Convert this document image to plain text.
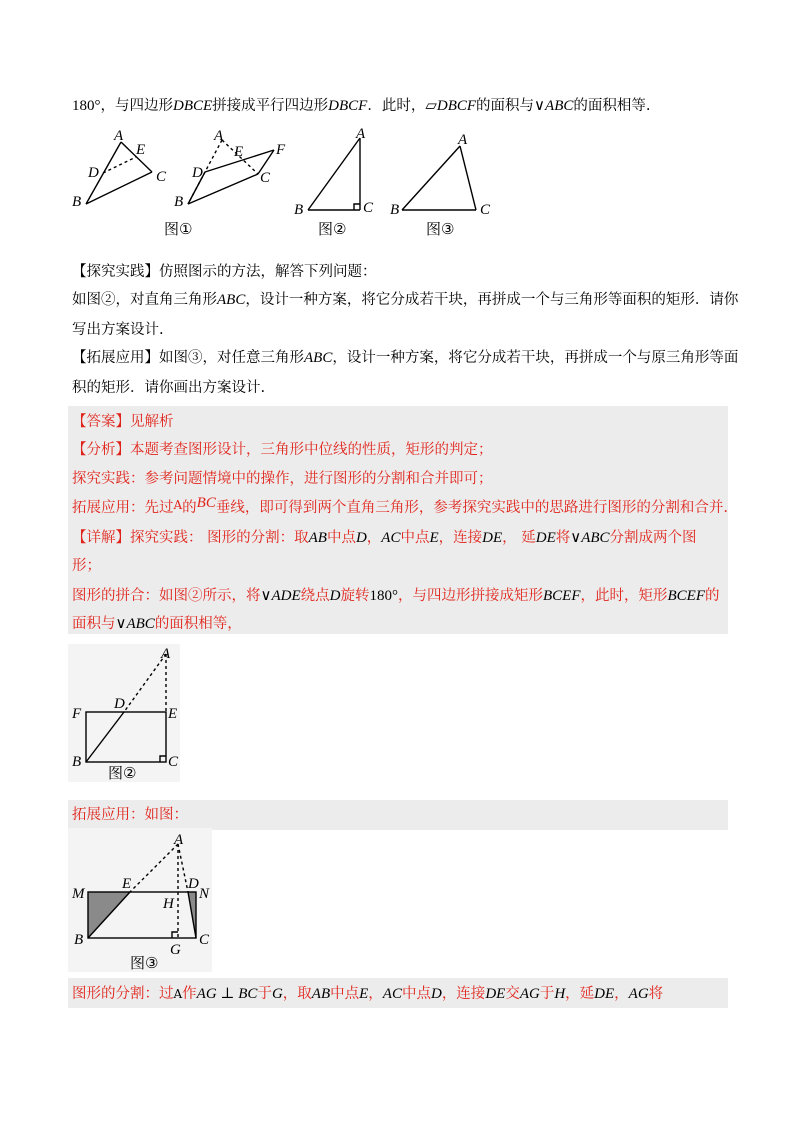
180°，与四边形DBCE拼接成平行四边形DBCF．此时，▱DBCF的面积与∨ABC的面积相等.
A
E
D	C
B
图①
A
E F
D	C
B
A
B	C
图②
A
B	C
图③
【探究实践】仿照图示的方法，解答下列问题：
如图②，对直角三角形ABC，设计一种方案，将它分成若干块，再拼成一个与三角形等面积的矩形．请你
写出方案设计.
【拓展应用】如图③，对任意三角形ABC，设计一种方案，将它分成若干块，再拼成一个与原三角形等面
积的矩形．请你画出方案设计.
【答案】见解析
【分析】本题考查图形设计，三角形中位线的性质，矩形的判定；
探究实践：参考问题情境中的操作，进行图形的分割和合并即可；
拓展应用：先过$^A$的BC垂线，即可得到两个直角三角形，参考探究实践中的思路进行图形的分割和合并.
【详解】探究实践： 图形的分割：取AB中点D，AC中点E，连接DE， 延DE将∨ABC分割成两个图
形；
图形的拼合：如图②所示，将∨ADE绕点D旋转180°，与四边形拼接成矩形BCEF，此时，矩形BCEF的
面积与∨ABC的面积相等，
A
F
D
E
B	C
图②
拓展应用：如图：
A
M
E	D
N
H
B
G
C
图③
图形的分割：过A作AG ⊥ BC于G，取AB中点E，AC中点D，连接DE交AG于H，延DE，AG将
